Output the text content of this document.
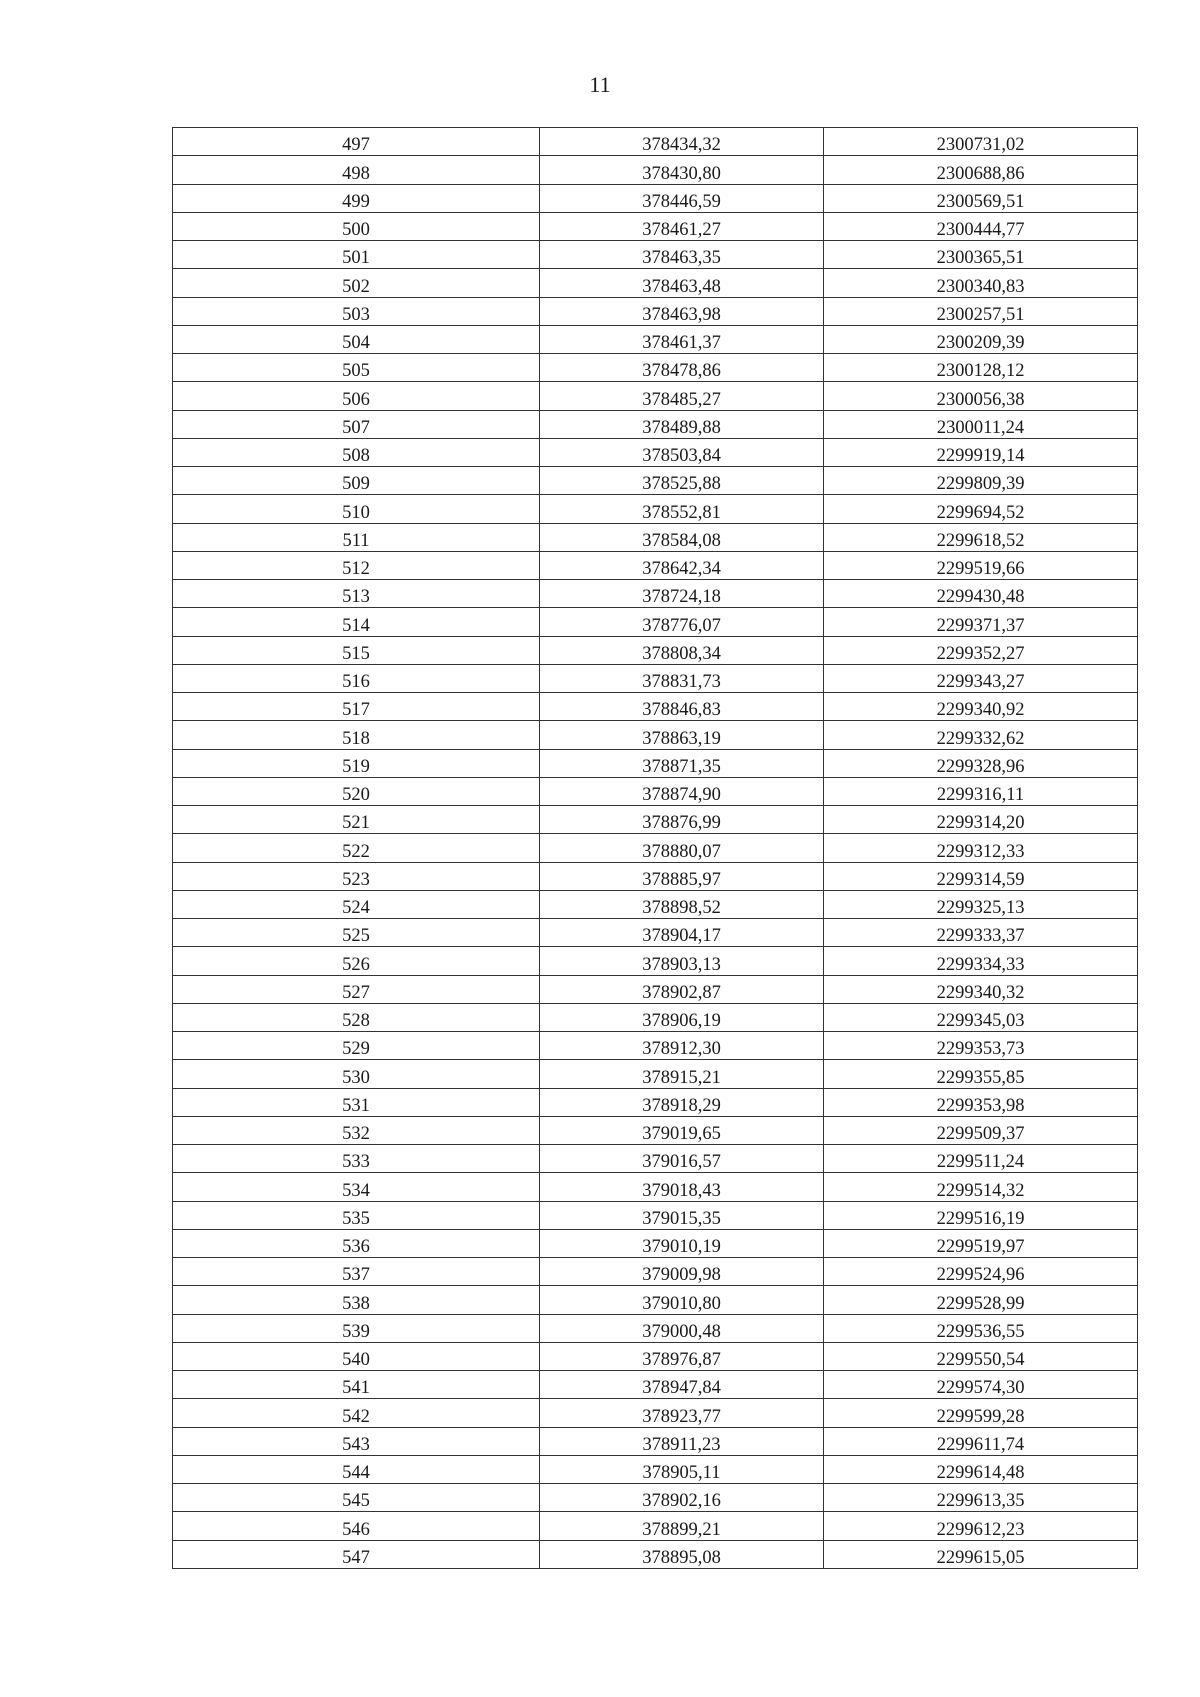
11
497	378434,32	2300731,02
498	378430,80	2300688,86
499	378446,59	2300569,51
500	378461,27	2300444,77
501	378463,35	2300365,51
502	378463,48	2300340,83
503	378463,98	2300257,51
504	378461,37	2300209,39
505	378478,86	2300128,12
506	378485,27	2300056,38
507	378489,88	2300011,24
508	378503,84	2299919,14
509	378525,88	2299809,39
510	378552,81	2299694,52
511	378584,08	2299618,52
512	378642,34	2299519,66
513	378724,18	2299430,48
514	378776,07	2299371,37
515	378808,34	2299352,27
516	378831,73	2299343,27
517	378846,83	2299340,92
518	378863,19	2299332,62
519	378871,35	2299328,96
520	378874,90	2299316,11
521	378876,99	2299314,20
522	378880,07	2299312,33
523	378885,97	2299314,59
524	378898,52	2299325,13
525	378904,17	2299333,37
526	378903,13	2299334,33
527	378902,87	2299340,32
528	378906,19	2299345,03
529	378912,30	2299353,73
530	378915,21	2299355,85
531	378918,29	2299353,98
532	379019,65	2299509,37
533	379016,57	2299511,24
534	379018,43	2299514,32
535	379015,35	2299516,19
536	379010,19	2299519,97
537	379009,98	2299524,96
538	379010,80	2299528,99
539	379000,48	2299536,55
540	378976,87	2299550,54
541	378947,84	2299574,30
542	378923,77	2299599,28
543	378911,23	2299611,74
544	378905,11	2299614,48
545	378902,16	2299613,35
546	378899,21	2299612,23
547	378895,08	2299615,05
